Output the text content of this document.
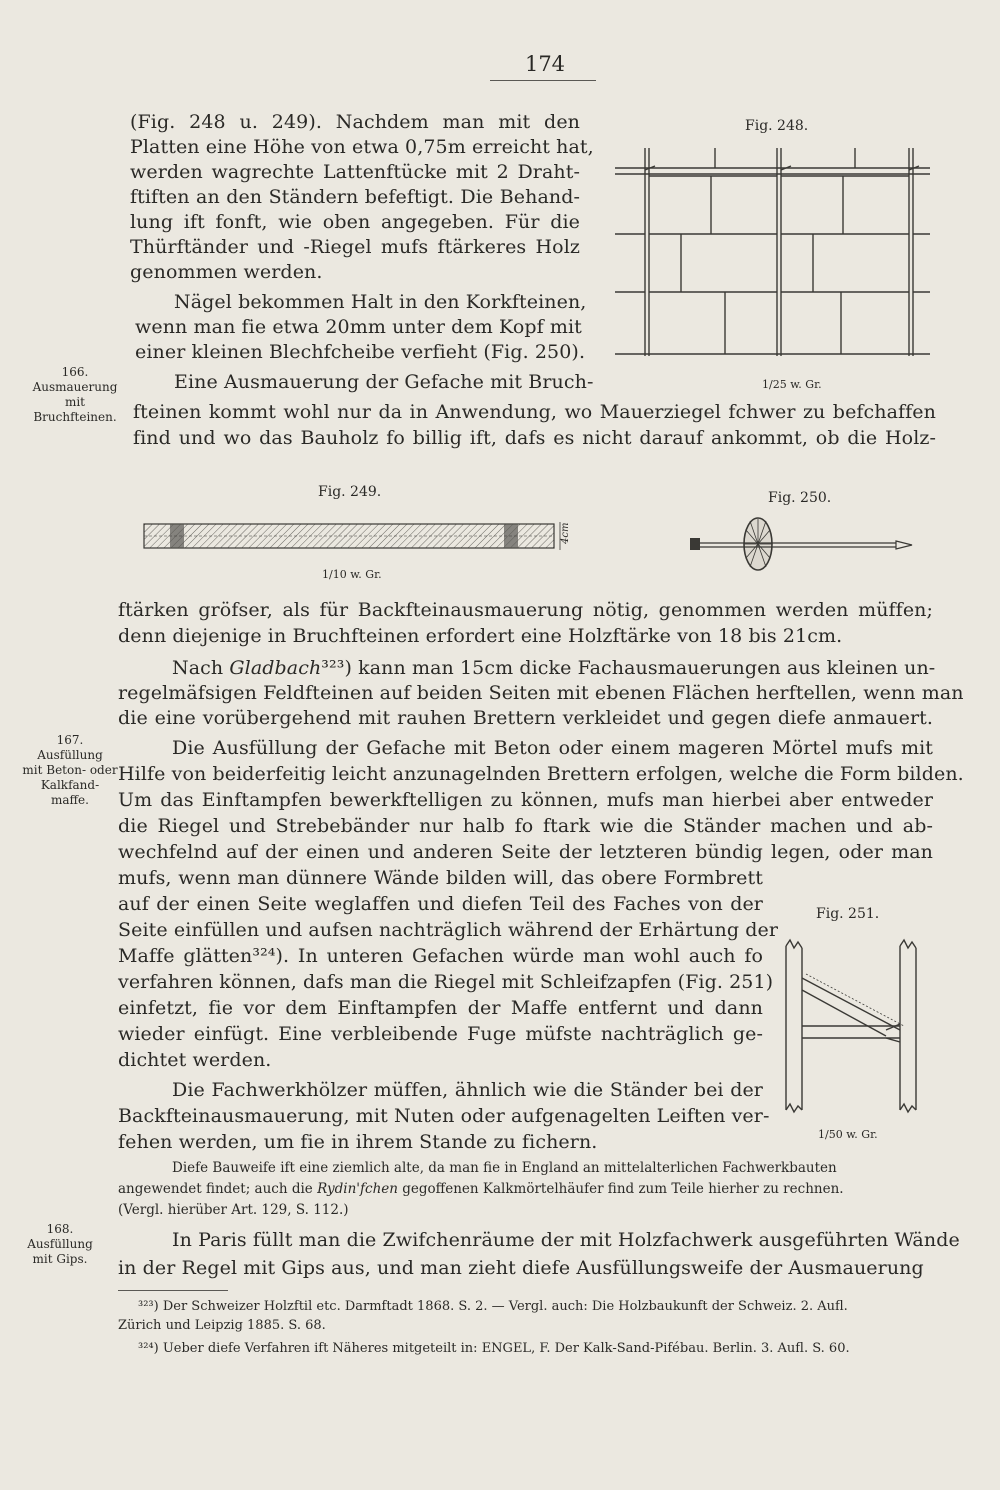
174
(Fig. 248 u. 249). Nachdem man mit den
Platten eine Höhe von etwa 0,75m erreicht hat,
werden wagrechte Lattenftücke mit 2 Draht-
ftiften an den Ständern befeftigt. Die Behand-
lung ift fonft, wie oben angegeben. Für die
Thürftänder und -Riegel mufs ftärkeres Holz
genommen werden.
Nägel bekommen Halt in den Korkfteinen,
wenn man fie etwa 20mm unter dem Kopf mit
einer kleinen Blechfcheibe verfieht (Fig. 250).
Eine Ausmauerung der Gefache mit Bruch-
fteinen kommt wohl nur da in Anwendung, wo Mauerziegel fchwer zu befchaffen
find und wo das Bauholz fo billig ift, dafs es nicht darauf ankommt, ob die Holz-
ftärken gröfser, als für Backfteinausmauerung nötig, genommen werden müffen;
denn diejenige in Bruchfteinen erfordert eine Holzftärke von 18 bis 21cm.
Nach Gladbach³²³) kann man 15cm dicke Fachausmauerungen aus kleinen un-
regelmäfsigen Feldfteinen auf beiden Seiten mit ebenen Flächen herftellen, wenn man
die eine vorübergehend mit rauhen Brettern verkleidet und gegen diefe anmauert.
Die Ausfüllung der Gefache mit Beton oder einem mageren Mörtel mufs mit
Hilfe von beiderfeitig leicht anzunagelnden Brettern erfolgen, welche die Form bilden.
Um das Einftampfen bewerkftelligen zu können, mufs man hierbei aber entweder
die Riegel und Strebebänder nur halb fo ftark wie die Ständer machen und ab-
wechfelnd auf der einen und anderen Seite der letzteren bündig legen, oder man
mufs, wenn man dünnere Wände bilden will, das obere Formbrett
auf der einen Seite weglaffen und diefen Teil des Faches von der
Seite einfüllen und aufsen nachträglich während der Erhärtung der
Maffe glätten³²⁴). In unteren Gefachen würde man wohl auch fo
verfahren können, dafs man die Riegel mit Schleifzapfen (Fig. 251)
einfetzt, fie vor dem Einftampfen der Maffe entfernt und dann
wieder einfügt. Eine verbleibende Fuge müfste nachträglich ge-
dichtet werden.
Die Fachwerkhölzer müffen, ähnlich wie die Ständer bei der
Backfteinausmauerung, mit Nuten oder aufgenagelten Leiften ver-
fehen werden, um fie in ihrem Stande zu fichern.
Diefe Bauweife ift eine ziemlich alte, da man fie in England an mittelalterlichen Fachwerkbauten
angewendet findet; auch die Rydin'fchen gegoffenen Kalkmörtelhäufer find zum Teile hierher zu rechnen.
(Vergl. hierüber Art. 129, S. 112.)
In Paris füllt man die Zwifchenräume der mit Holzfachwerk ausgeführten Wände
in der Regel mit Gips aus, und man zieht diefe Ausfüllungsweife der Ausmauerung
³²³) Der Schweizer Holzftil etc. Darmftadt 1868. S. 2. — Vergl. auch: Die Holzbaukunft der Schweiz. 2. Aufl.
Zürich und Leipzig 1885. S. 68.
³²⁴) Ueber diefe Verfahren ift Näheres mitgeteilt in: ENGEL, F. Der Kalk-Sand-Pifébau. Berlin. 3. Aufl. S. 60.
166.
Ausmauerung
mit
Bruchfteinen.
167.
Ausfüllung
mit Beton- oder
Kalkfand-
maffe.
168.
Ausfüllung
mit Gips.
Fig. 248.
1/25 w. Gr.
Fig. 249.
4cm
1/10 w. Gr.
Fig. 250.
Fig. 251.
1/50 w. Gr.
